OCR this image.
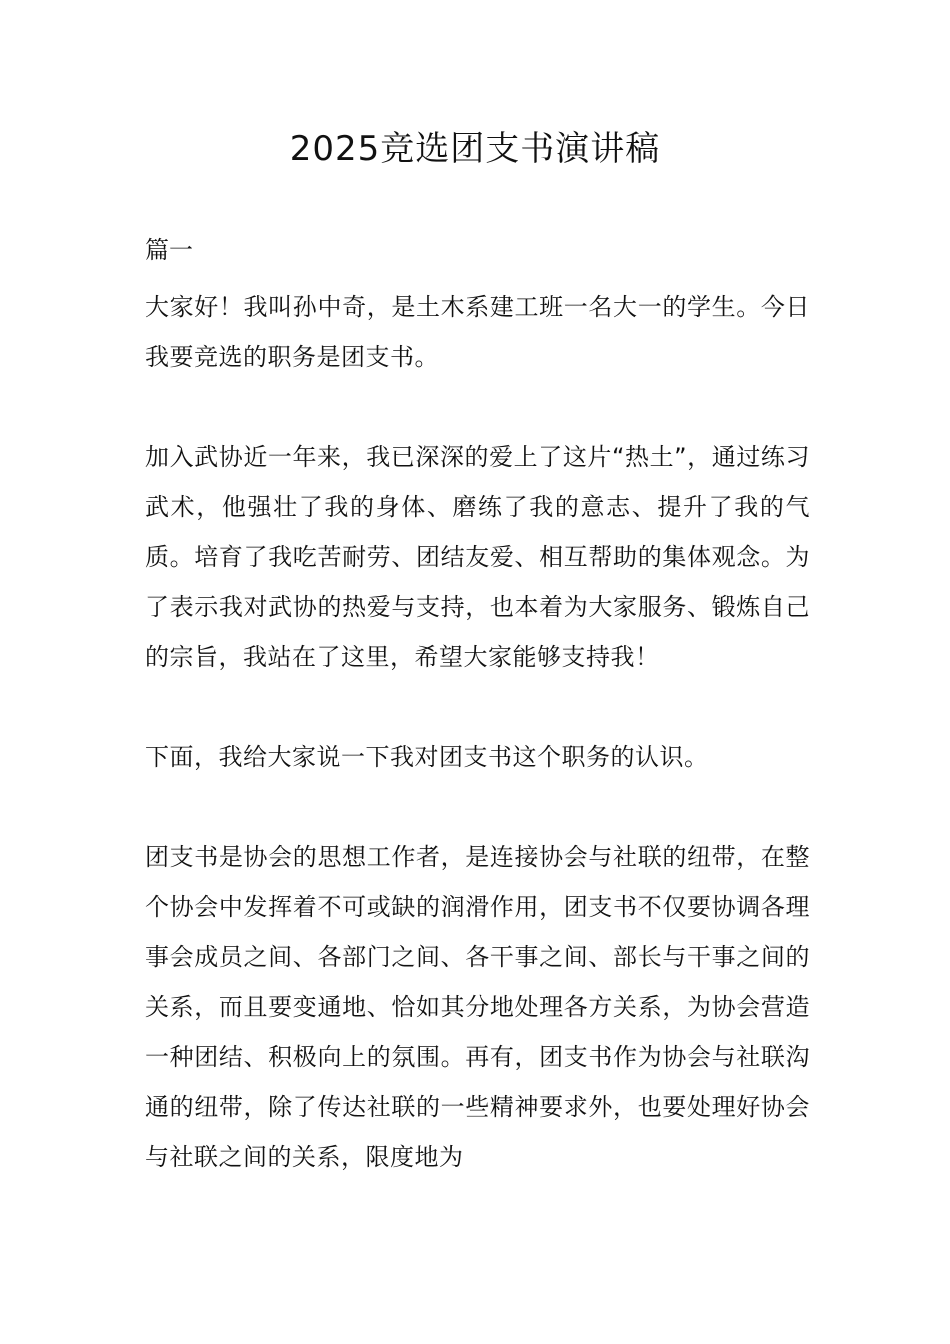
2025竞选团支书演讲稿
篇一

大家好！我叫孙中奇，是土木系建工班一名大一的学生。今日我要竞选的职务是团支书。

加入武协近一年来，我已深深的爱上了这片“热土”，通过练习武术，他强壮了我的身体、磨练了我的意志、提升了我的气质。培育了我吃苦耐劳、团结友爱、相互帮助的集体观念。为了表示我对武协的热爱与支持，也本着为大家服务、锻炼自己的宗旨，我站在了这里，希望大家能够支持我！

下面，我给大家说一下我对团支书这个职务的认识。

团支书是协会的思想工作者，是连接协会与社联的纽带，在整个协会中发挥着不可或缺的润滑作用，团支书不仅要协调各理事会成员之间、各部门之间、各干事之间、部长与干事之间的关系，而且要变通地、恰如其分地处理各方关系，为协会营造一种团结、积极向上的氛围。再有，团支书作为协会与社联沟通的纽带，除了传达社联的一些精神要求外，也要处理好协会与社联之间的关系，限度地为
